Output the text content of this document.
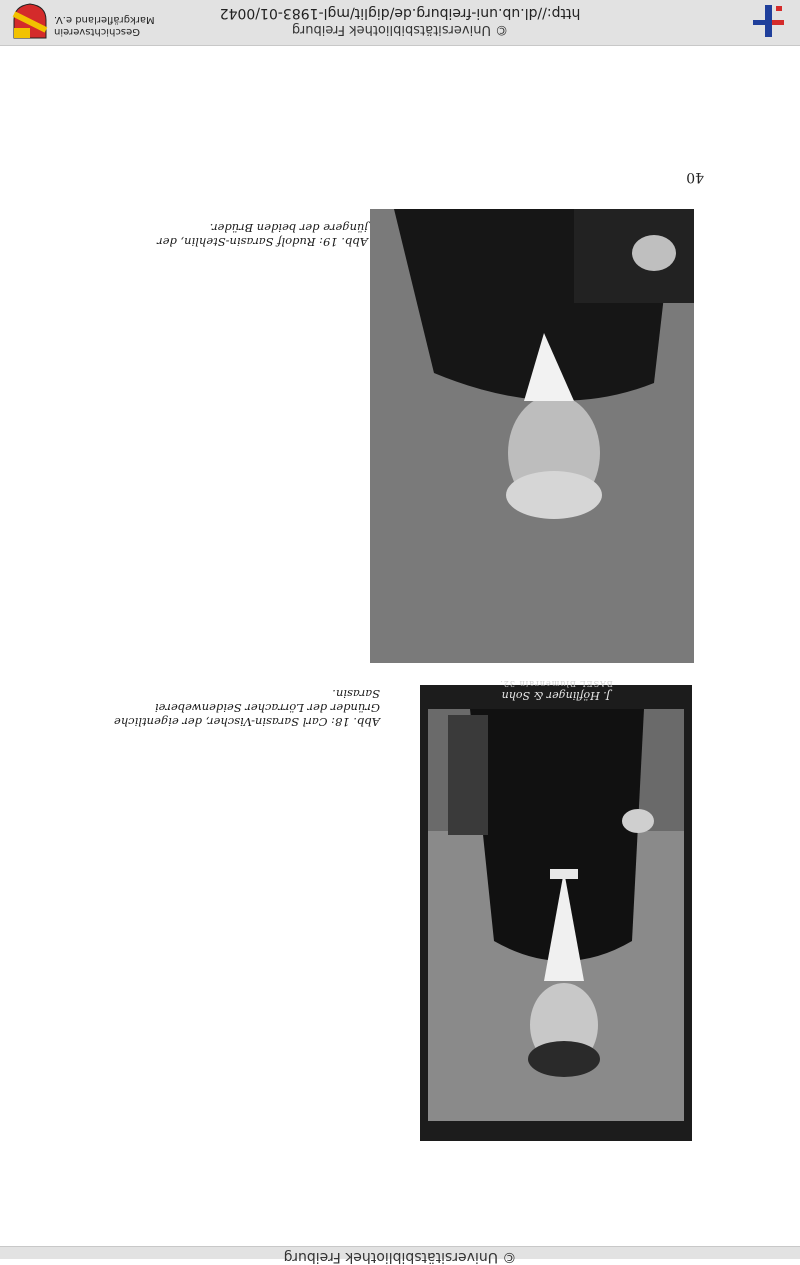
© Universitätsbibliothek Freiburg
40
J. Höflinger & Sohn
BASEL Blumenrain 32.
Abb. 18: Carl Sarasin-Vischer, der eigentliche Gründer der Lörracher Seidenweberei Sarasin.
Abb. 19: Rudolf Sarasin-Stehlin, der jüngere der beiden Brüder.
© Universitätsbibliothek Freiburg
http://dl.ub.uni-freiburg.de/diglit/mgl-1983-01/0042
Geschichtsverein
Markgräflerland e.V.
